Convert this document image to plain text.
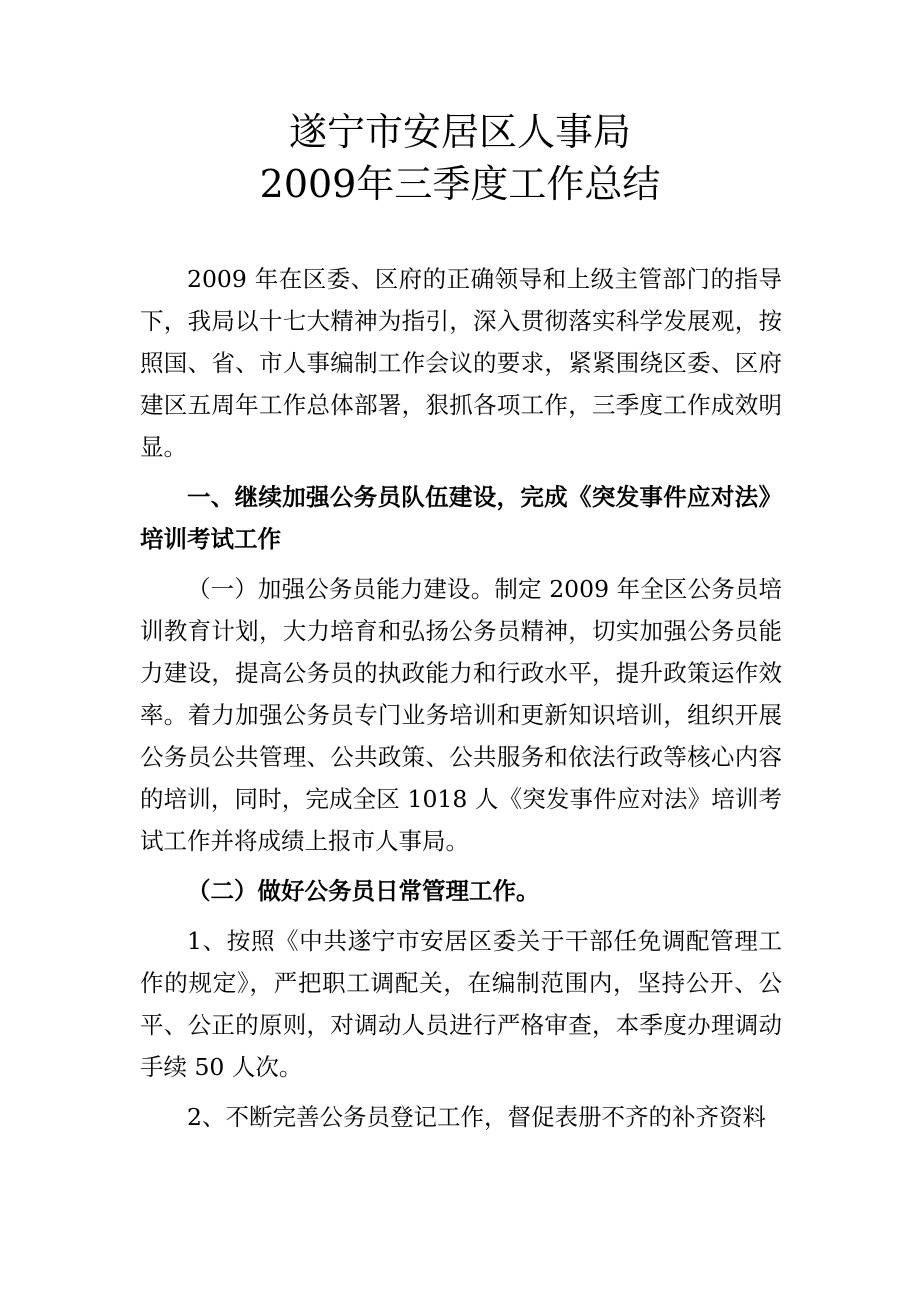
遂宁市安居区人事局
2009年三季度工作总结

2009 年在区委、区府的正确领导和上级主管部门的指导下，我局以十七大精神为指引，深入贯彻落实科学发展观，按照国、省、市人事编制工作会议的要求，紧紧围绕区委、区府建区五周年工作总体部署，狠抓各项工作，三季度工作成效明显。

一、继续加强公务员队伍建设，完成《突发事件应对法》培训考试工作

（一）加强公务员能力建设。制定 2009 年全区公务员培训教育计划，大力培育和弘扬公务员精神，切实加强公务员能力建设，提高公务员的执政能力和行政水平，提升政策运作效率。着力加强公务员专门业务培训和更新知识培训，组织开展公务员公共管理、公共政策、公共服务和依法行政等核心内容的培训，同时，完成全区 1018 人《突发事件应对法》培训考试工作并将成绩上报市人事局。

（二）做好公务员日常管理工作。

1、按照《中共遂宁市安居区委关于干部任免调配管理工作的规定》，严把职工调配关，在编制范围内，坚持公开、公平、公正的原则，对调动人员进行严格审查，本季度办理调动手续 50 人次。

2、不断完善公务员登记工作，督促表册不齐的补齐资料
